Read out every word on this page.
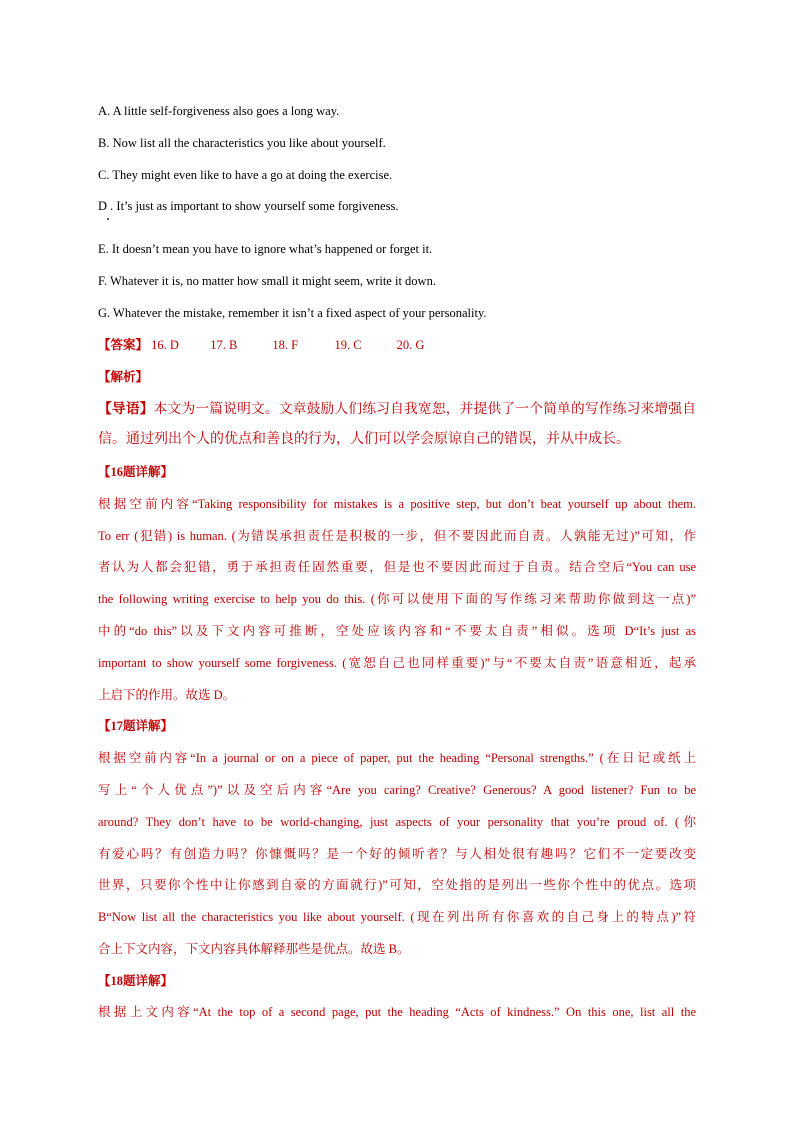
A. A little self-forgiveness also goes a long way.
B. Now list all the characteristics you like about yourself.
C. They might even like to have a go at doing the exercise.
D . It’s just as important to show yourself some forgiveness.
E. It doesn’t mean you have to ignore what’s happened or forget it.
F. Whatever it is, no matter how small it might seem, write it down.
G. Whatever the mistake, remember it isn’t a fixed aspect of your personality.
【答案】 16. D	17. B	18. F	19. C	20. G
【解析】
【导语】本文为一篇说明文。文章鼓励人们练习自我宽恕，并提供了一个简单的写作练习来增强自
信。通过列出个人的优点和善良的行为，人们可以学会原谅自己的错误，并从中成长。
【16题详解】
根据空前内容“Taking responsibility for mistakes is a positive step, but don’t beat yourself up about them.
To err (犯错) is human. (为错误承担责任是积极的一步，但不要因此而自责。人孰能无过)”可知，作
者认为人都会犯错，勇于承担责任固然重要，但是也不要因此而过于自责。结合空后“You can use
the following writing exercise to help you do this. (你可以使用下面的写作练习来帮助你做到这一点)”
中的“do this”以及下文内容可推断，空处应该内容和“不要太自责”相似。选项 D“It’s just as
important to show yourself some forgiveness. (宽恕自己也同样重要)”与“不要太自责”语意相近，起承
上启下的作用。故选 D。
【17题详解】
根据空前内容“In a journal or on a piece of paper, put the heading “Personal strengths.” (在日记或纸上
写上“个人优点”)”以及空后内容“Are you caring? Creative? Generous? A good listener? Fun to be
around? They don’t have to be world-changing, just aspects of your personality that you’re proud of. (你
有爱心吗？有创造力吗？你慷慨吗？是一个好的倾听者？与人相处很有趣吗？它们不一定要改变
世界，只要你个性中让你感到自豪的方面就行)”可知，空处指的是列出一些你个性中的优点。选项
B“Now list all the characteristics you like about yourself. (现在列出所有你喜欢的自己身上的特点)”符
合上下文内容，下文内容具体解释那些是优点。故选 B。
【18题详解】
根据上文内容“At the top of a second page, put the heading “Acts of kindness.” On this one, list all the
